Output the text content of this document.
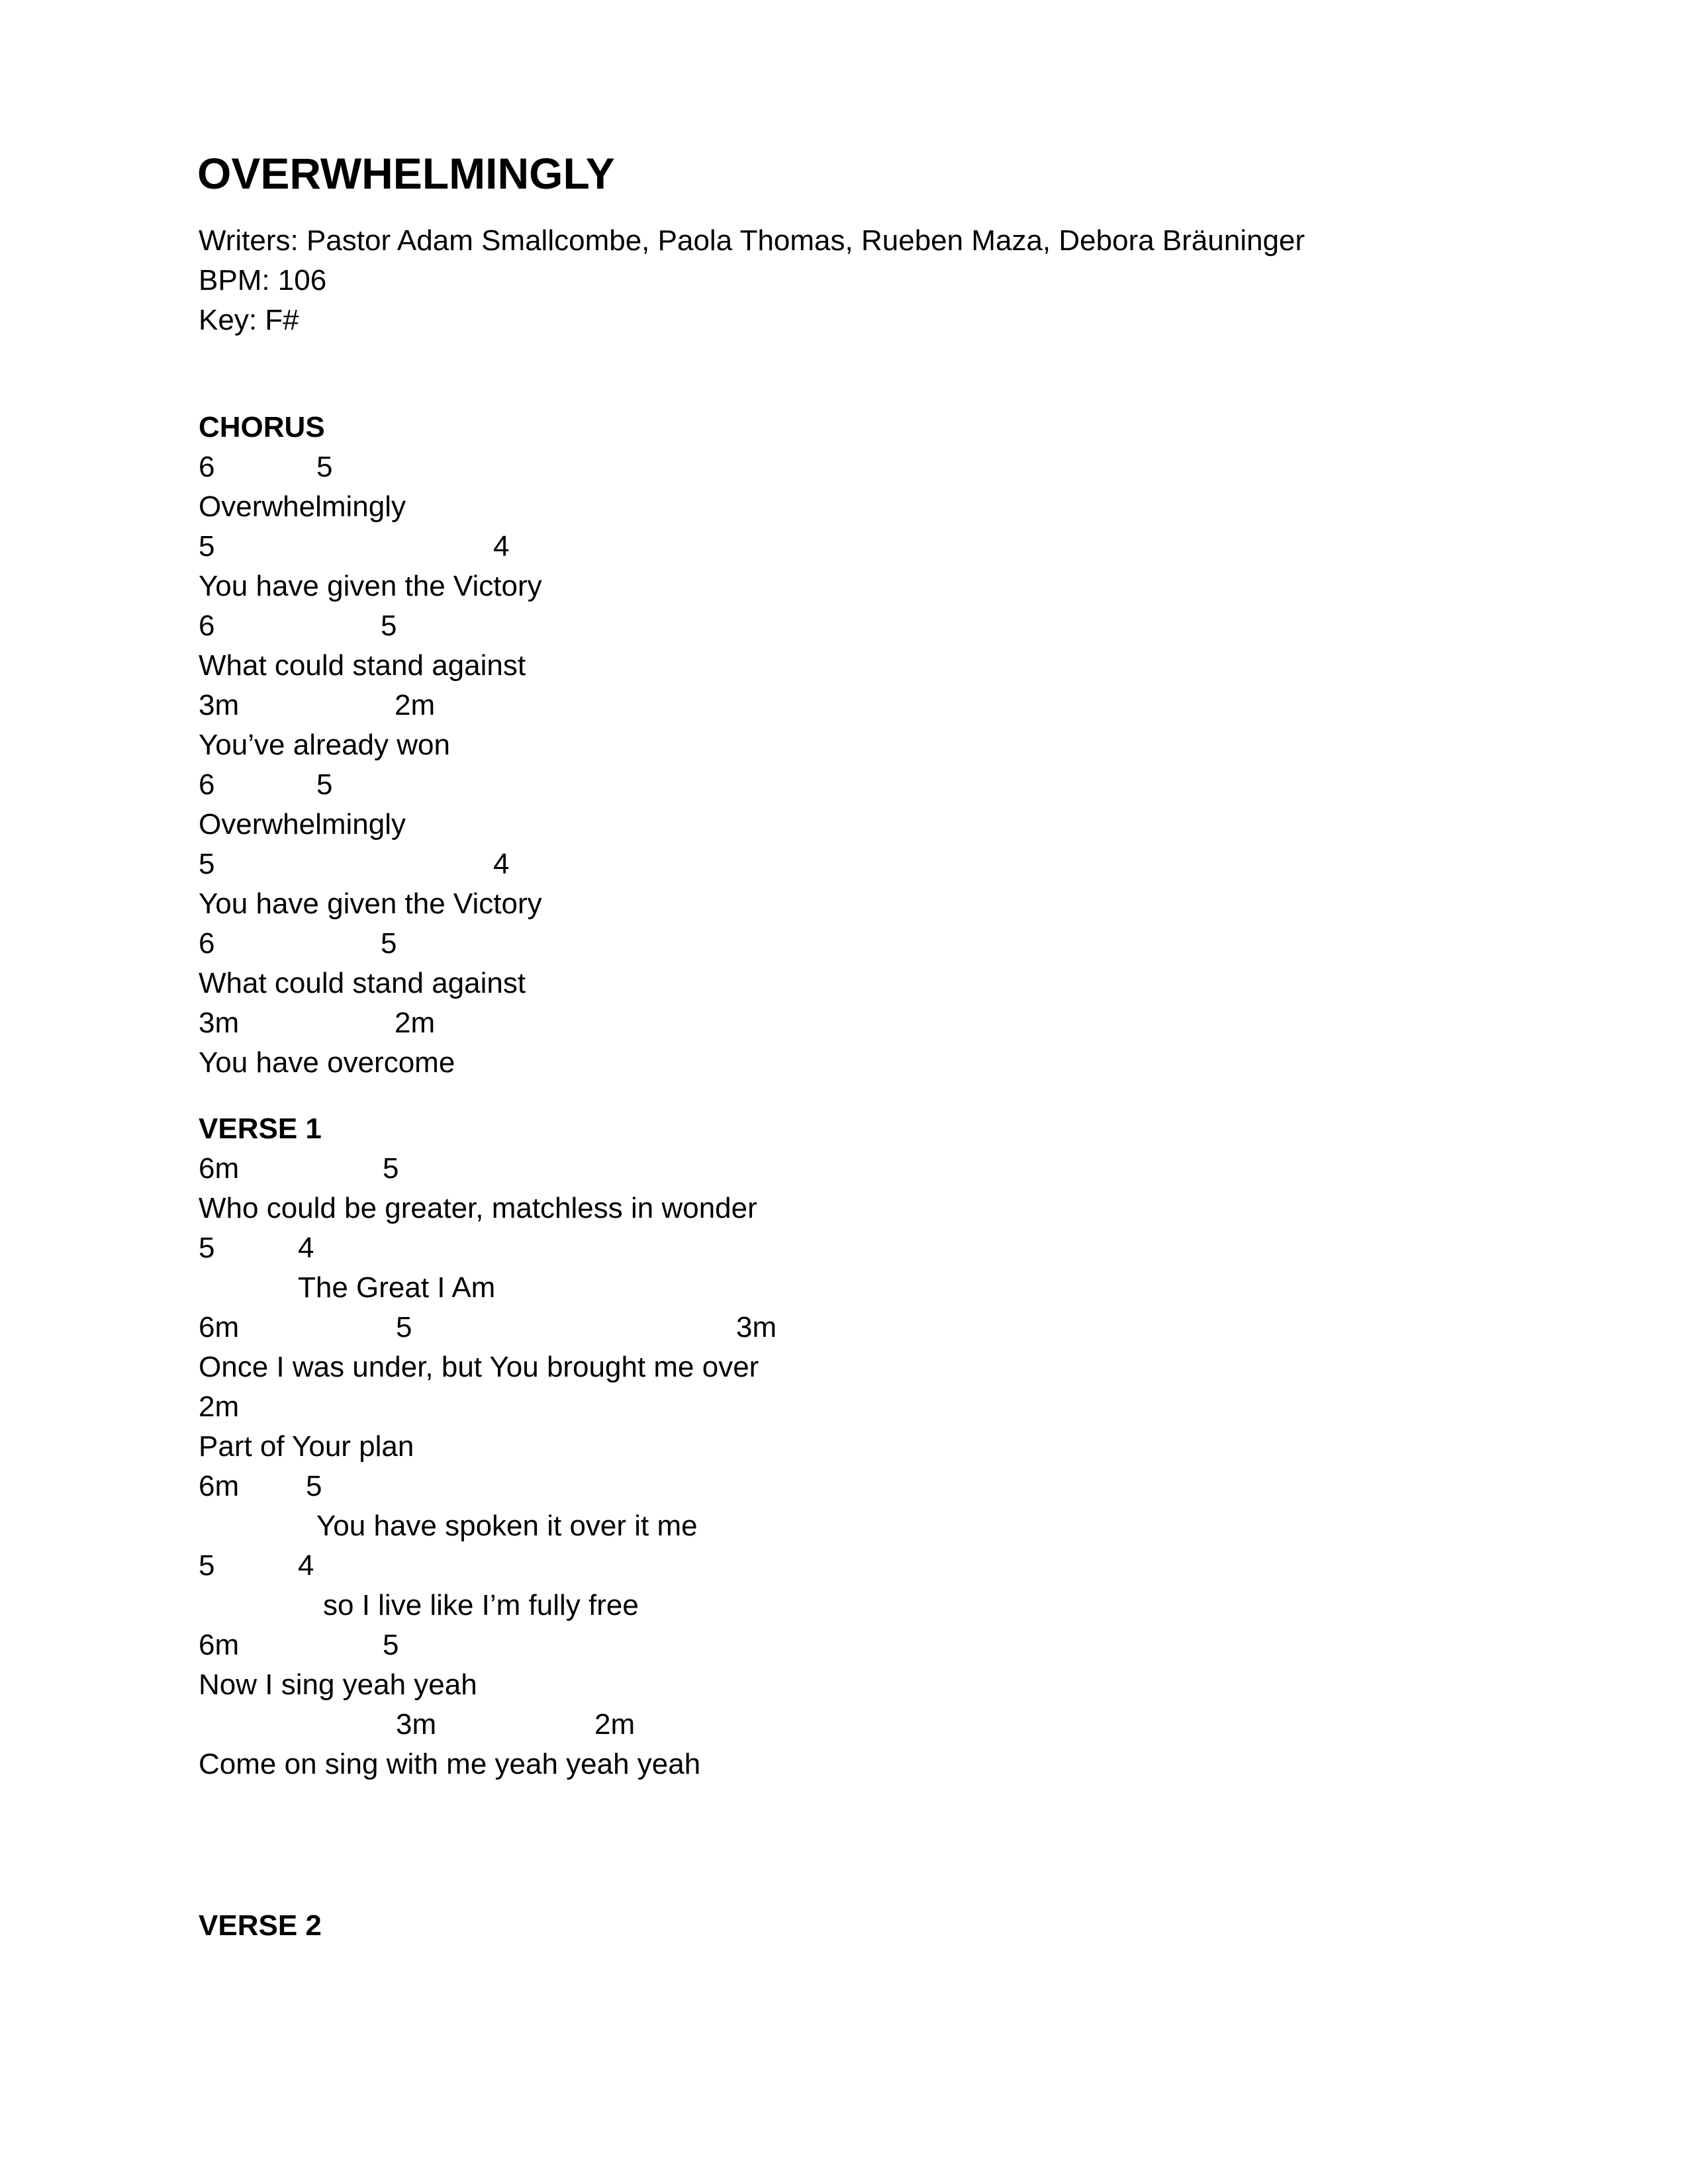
OVERWHELMINGLY
Writers: Pastor Adam Smallcombe, Paola Thomas, Rueben Maza, Debora Bräuninger
BPM: 106
Key: F#
CHORUS
6	5
Overwhelmingly
5	4
You have given the Victory
6	5
What could stand against
3m	2m
You’ve already won
6	5
Overwhelmingly
5	4
You have given the Victory
6	5
What could stand against
3m	2m
You have overcome
VERSE 1
6m	5
Who could be greater, matchless in wonder
5	4
The Great I Am
6m	5	3m
Once I was under, but You brought me over
2m
Part of Your plan
6m 5
You have spoken it over it me
5	4
so I live like I’m fully free
6m	5
Now I sing yeah yeah
3m	2m
Come on sing with me yeah yeah yeah
VERSE 2
